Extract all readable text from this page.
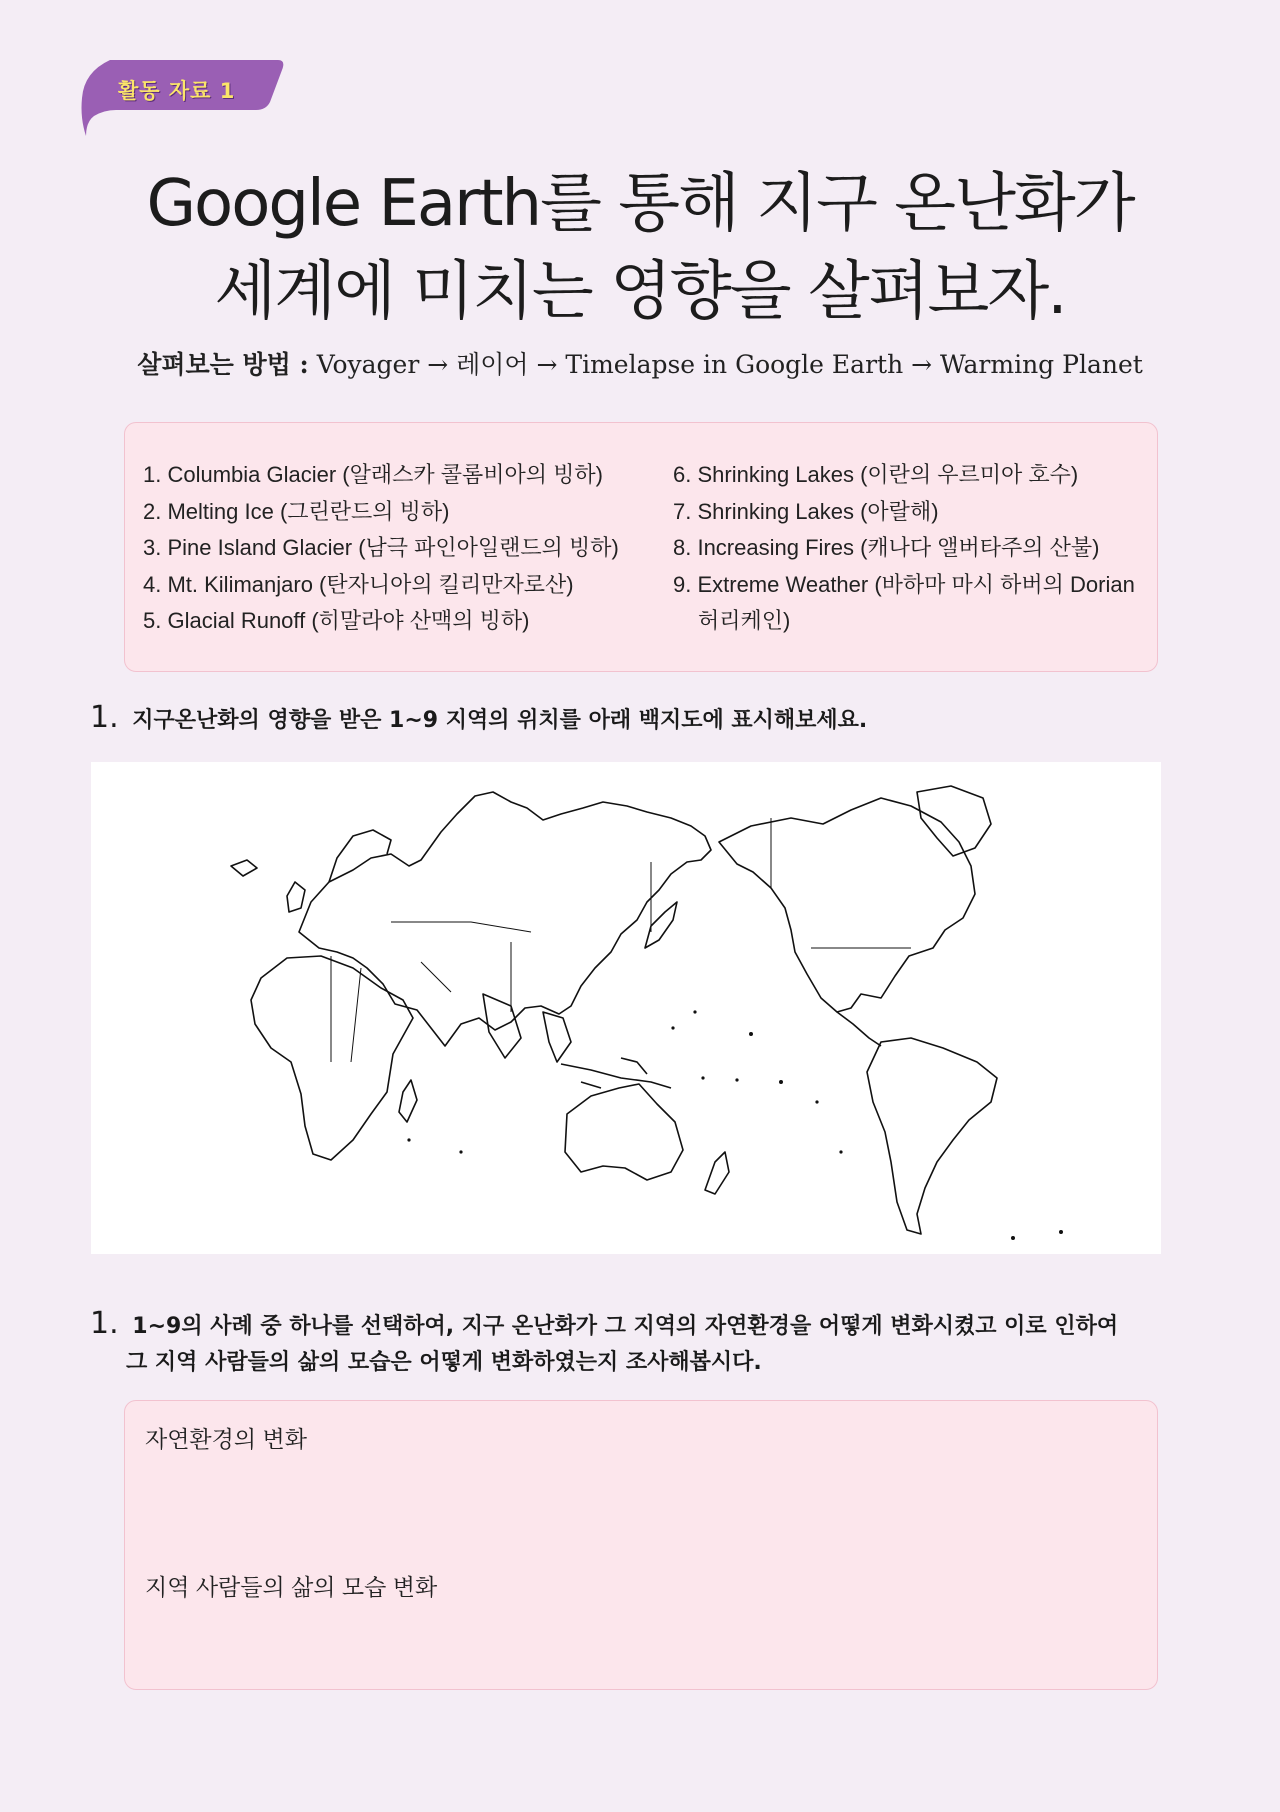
활동 자료 1
Google Earth를 통해 지구 온난화가
세계에 미치는 영향을 살펴보자.
살펴보는 방법 : Voyager → 레이어 → Timelapse in Google Earth → Warming Planet
1. Columbia Glacier (알래스카 콜롬비아의 빙하)
2. Melting Ice (그린란드의 빙하)
3. Pine Island Glacier (남극 파인아일랜드의 빙하)
4. Mt. Kilimanjaro (탄자니아의 킬리만자로산)
5. Glacial Runoff (히말라야 산맥의 빙하)
6. Shrinking Lakes (이란의 우르미아 호수)
7. Shrinking Lakes (아랄해)
8. Increasing Fires (캐나다 앨버타주의 산불)
9. Extreme Weather (바하마 마시 하버의 Dorian 허리케인)
1. 지구온난화의 영향을 받은 1~9 지역의 위치를 아래 백지도에 표시해보세요.
1. 1~9의 사례 중 하나를 선택하여, 지구 온난화가 그 지역의 자연환경을 어떻게 변화시켰고 이로 인하여
그 지역 사람들의 삶의 모습은 어떻게 변화하였는지 조사해봅시다.
자연환경의 변화
지역 사람들의 삶의 모습 변화
